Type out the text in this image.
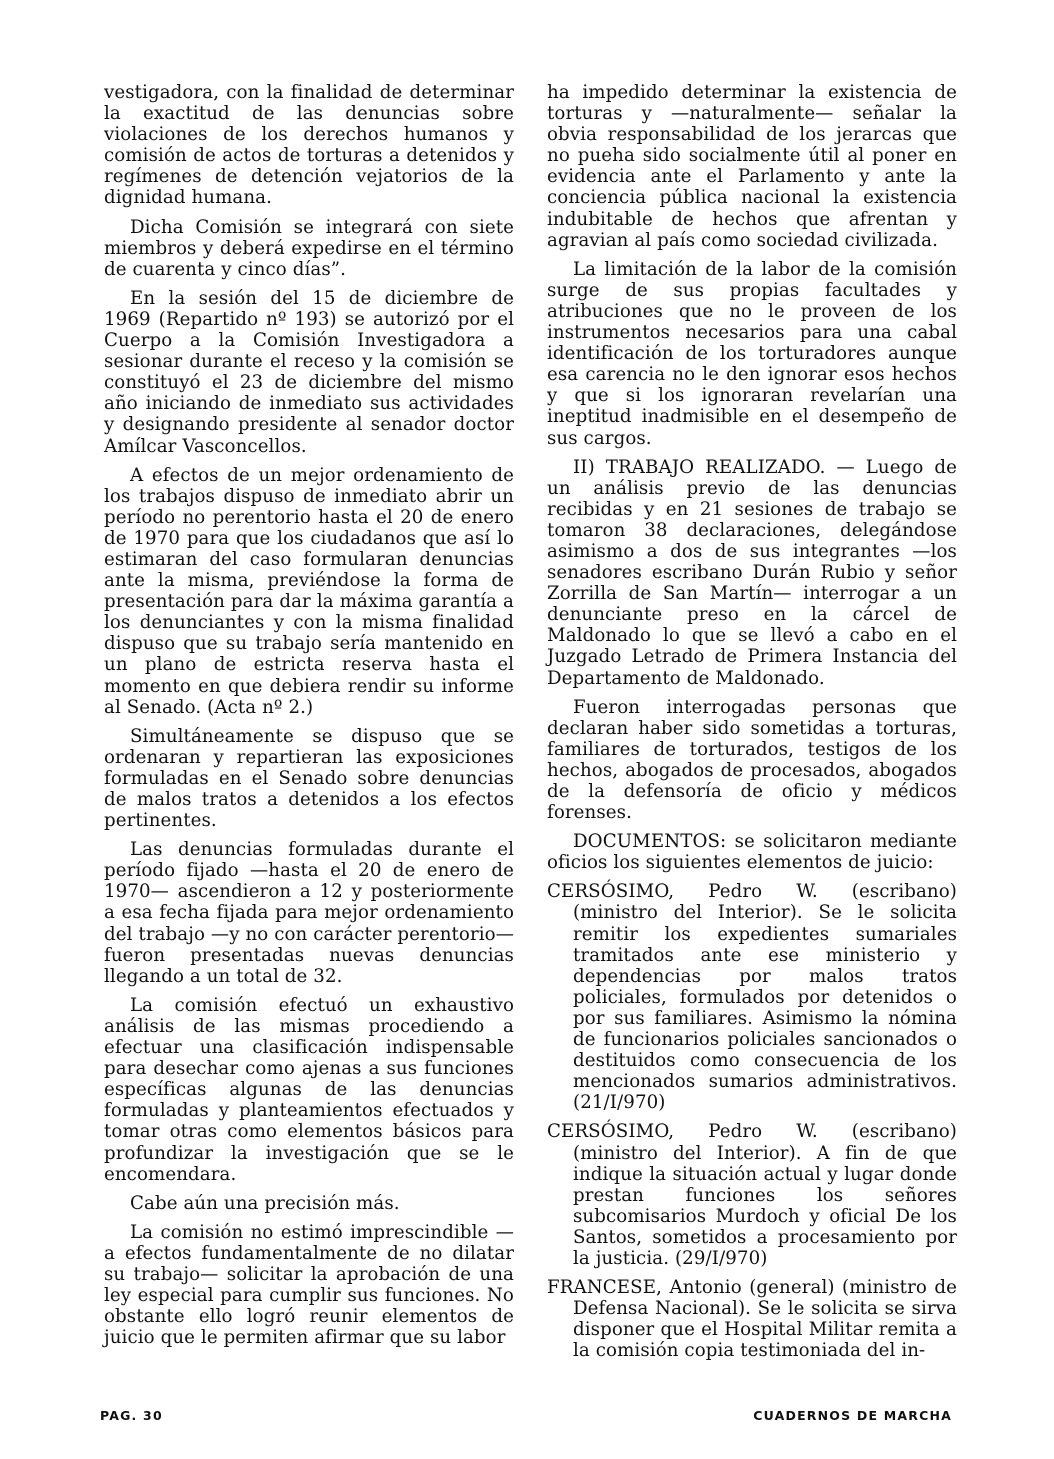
vestigadora, con la finalidad de determinar la exactitud de las denuncias sobre violaciones de los derechos humanos y comisión de actos de torturas a detenidos y regímenes de detención vejatorios de la dignidad humana.

Dicha Comisión se integrará con siete miembros y deberá expedirse en el término de cuarenta y cinco días”.

En la sesión del 15 de diciembre de 1969 (Repartido nº 193) se autorizó por el Cuerpo a la Comisión Investigadora a sesionar durante el receso y la comisión se constituyó el 23 de diciembre del mismo año iniciando de inmediato sus actividades y designando presidente al senador doctor Amílcar Vasconcellos.

A efectos de un mejor ordenamiento de los trabajos dispuso de inmediato abrir un período no perentorio hasta el 20 de enero de 1970 para que los ciudadanos que así lo estimaran del caso formularan denuncias ante la misma, previéndose la forma de presentación para dar la máxima garantía a los denunciantes y con la misma finalidad dispuso que su trabajo sería mantenido en un plano de estricta reserva hasta el momento en que debiera rendir su informe al Senado. (Acta nº 2.)

Simultáneamente se dispuso que se ordenaran y repartieran las exposiciones formuladas en el Senado sobre denuncias de malos tratos a detenidos a los efectos pertinentes.

Las denuncias formuladas durante el período fijado —hasta el 20 de enero de 1970— ascendieron a 12 y posteriormente a esa fecha fijada para mejor ordenamiento del trabajo —y no con carácter perentorio— fueron presentadas nuevas denuncias llegando a un total de 32.

La comisión efectuó un exhaustivo análisis de las mismas procediendo a efectuar una clasificación indispensable para desechar como ajenas a sus funciones específicas algunas de las denuncias formuladas y planteamientos efectuados y tomar otras como elementos básicos para profundizar la investigación que se le encomendara.

Cabe aún una precisión más.

La comisión no estimó imprescindible —a efectos fundamentalmente de no dilatar su trabajo— solicitar la aprobación de una ley especial para cumplir sus funciones. No obstante ello logró reunir elementos de juicio que le permiten afirmar que su labor

ha impedido determinar la existencia de torturas y —naturalmente— señalar la obvia responsabilidad de los jerarcas que no pueha sido socialmente útil al poner en evidencia ante el Parlamento y ante la conciencia pública nacional la existencia indubitable de hechos que afrentan y agravian al país como sociedad civilizada.

La limitación de la labor de la comisión surge de sus propias facultades y atribuciones que no le proveen de los instrumentos necesarios para una cabal identificación de los torturadores aunque esa carencia no le den ignorar esos hechos y que si los ignoraran revelarían una ineptitud inadmisible en el desempeño de sus cargos.

II) TRABAJO REALIZADO. — Luego de un análisis previo de las denuncias recibidas y en 21 sesiones de trabajo se tomaron 38 declaraciones, delegándose asimismo a dos de sus integrantes —los senadores escribano Durán Rubio y señor Zorrilla de San Martín— interrogar a un denunciante preso en la cárcel de Maldonado lo que se llevó a cabo en el Juzgado Letrado de Primera Instancia del Departamento de Maldonado.

Fueron interrogadas personas que declaran haber sido sometidas a torturas, familiares de torturados, testigos de los hechos, abogados de procesados, abogados de la defensoría de oficio y médicos forenses.

DOCUMENTOS: se solicitaron mediante oficios los siguientes elementos de juicio:

CERSÓSIMO, Pedro W. (escribano) (ministro del Interior). Se le solicita remitir los expedientes sumariales tramitados ante ese ministerio y dependencias por malos tratos policiales, formulados por detenidos o por sus familiares. Asimismo la nómina de funcionarios policiales sancionados o destituidos como consecuencia de los mencionados sumarios administrativos. (21/I/970)

CERSÓSIMO, Pedro W. (escribano) (ministro del Interior). A fin de que indique la situación actual y lugar donde prestan funciones los señores subcomisarios Murdoch y oficial De los Santos, sometidos a procesamiento por la justicia. (29/I/970)

FRANCESE, Antonio (general) (ministro de Defensa Nacional). Se le solicita se sirva disponer que el Hospital Militar remita a la comisión copia testimoniada del in-

PAG. 30	CUADERNOS DE MARCHA
